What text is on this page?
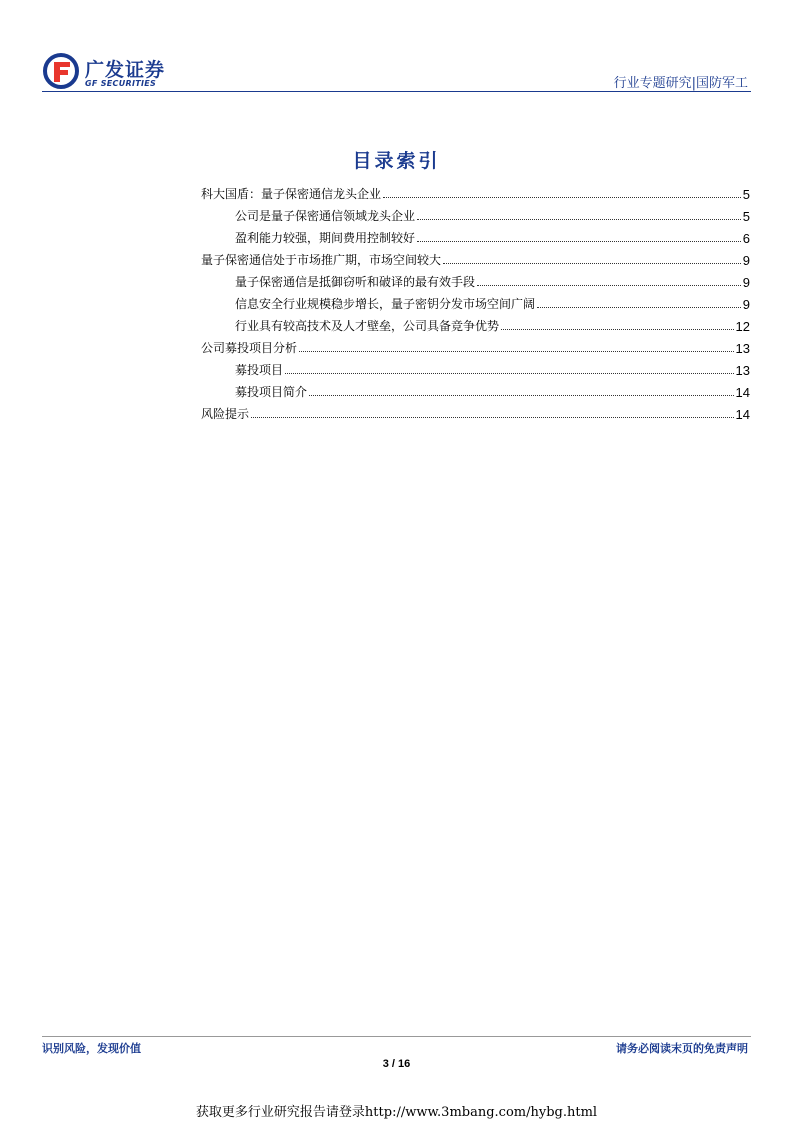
广发证券
GF SECURITIES	行业专题研究|国防军工
目录索引
科大国盾：量子保密通信龙头企业	5
公司是量子保密通信领域龙头企业	5
盈利能力较强，期间费用控制较好	6
量子保密通信处于市场推广期，市场空间较大	9
量子保密通信是抵御窃听和破译的最有效手段	9
信息安全行业规模稳步增长，量子密钥分发市场空间广阔	9
行业具有较高技术及人才壁垒，公司具备竞争优势	12
公司募投项目分析	13
募投项目	13
募投项目简介	14
风险提示	14
识别风险，发现价值	请务必阅读末页的免责声明
3 / 16
获取更多行业研究报告请登录http://www.3mbang.com/hybg.html
